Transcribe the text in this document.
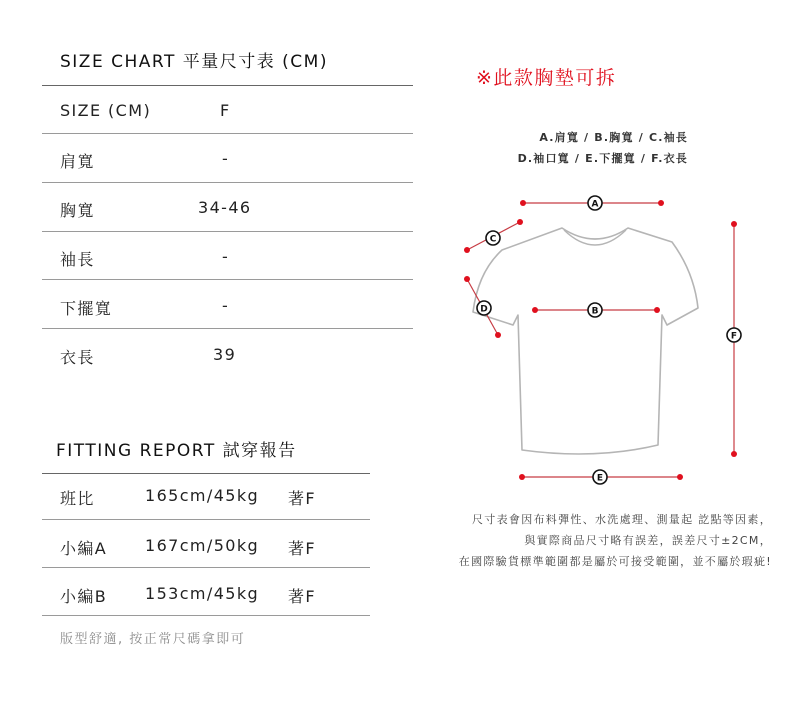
SIZE CHART 平量尺寸表 (CM)
SIZE (CM)	F
肩寬	-
胸寬	34-46
袖長	-
下擺寬	-
衣長	39
FITTING REPORT 試穿報告
班比	165cm/45kg 著F
小編A 167cm/50kg 著F
小編B 153cm/45kg 著F
版型舒適, 按正常尺碼拿即可
※此款胸墊可拆
A.肩寬 / B.胸寬 / C.袖長
D.袖口寬 / E.下擺寬 / F.衣長
A
C
D	B
F
E
尺寸表會因布料彈性、水洗處理、測量起 訖點等因素，
與實際商品尺寸略有誤差，誤差尺寸±2CM，
在國際驗貨標準範圍都是屬於可接受範圍，並不屬於瑕疵!
